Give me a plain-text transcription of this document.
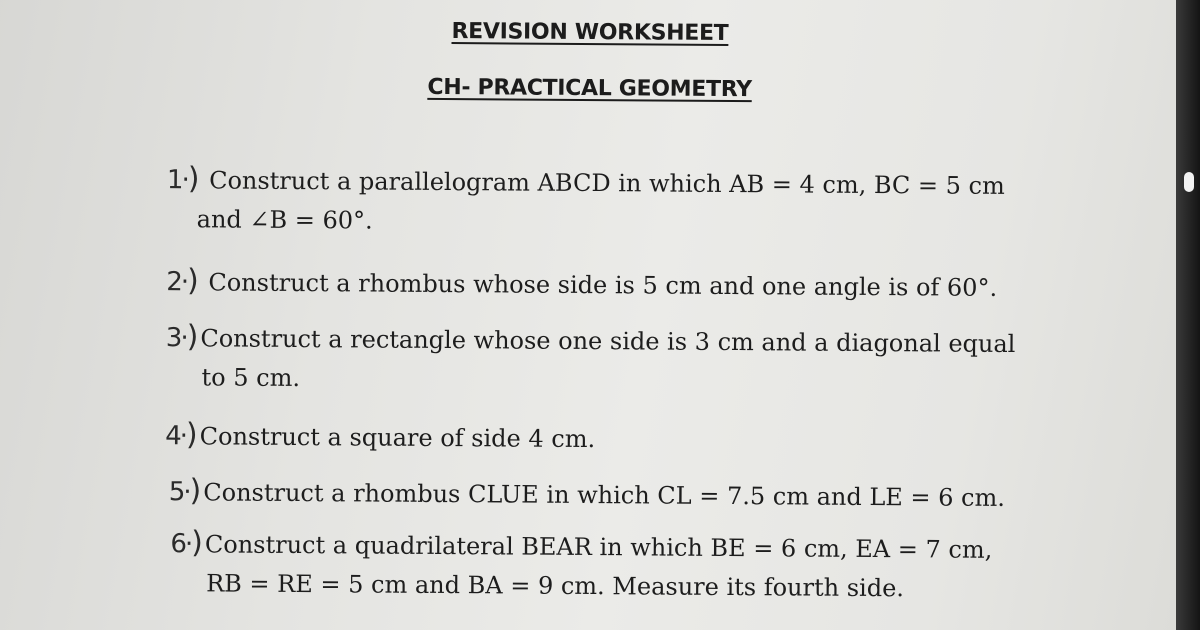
REVISION WORKSHEET
CH- PRACTICAL GEOMETRY
1·) Construct a parallelogram ABCD in which AB = 4 cm, BC = 5 cm
and ∠B = 60°.
2·) Construct a rhombus whose side is 5 cm and one angle is of 60°.
3·)Construct a rectangle whose one side is 3 cm and a diagonal equal
to 5 cm.
4·)Construct a square of side 4 cm.
5·)Construct a rhombus CLUE in which CL = 7.5 cm and LE = 6 cm.
6·)Construct a quadrilateral BEAR in which BE = 6 cm, EA = 7 cm,
RB = RE = 5 cm and BA = 9 cm. Measure its fourth side.
